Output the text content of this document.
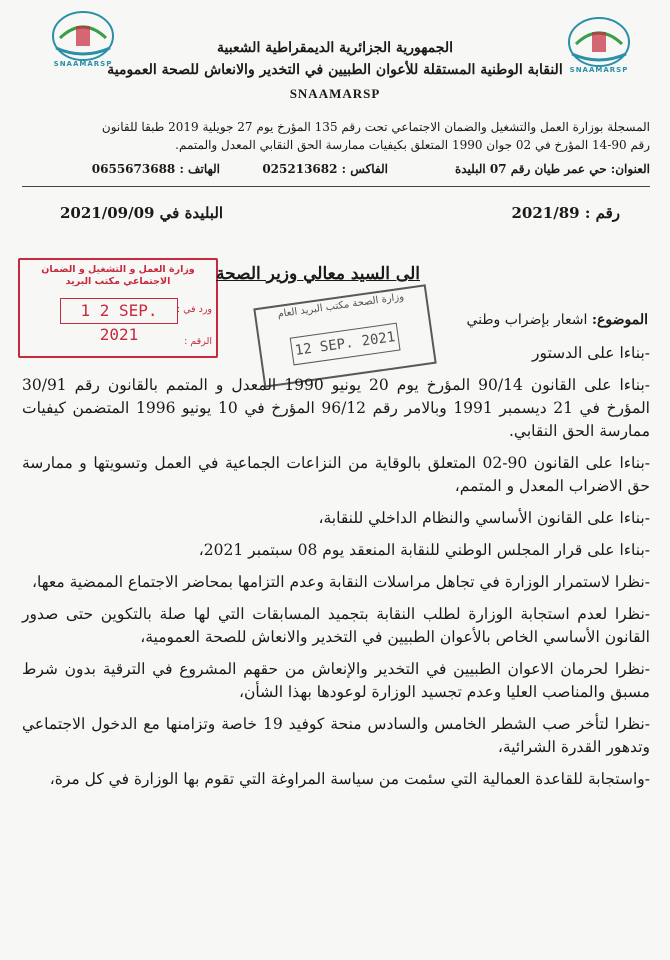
SNAAMARSP
SNAAMARSP
الجمهورية الجزائرية الديمقراطية الشعبية
النقابة الوطنية المستقلة للأعوان الطبيين في التخدير والانعاش للصحة العمومية
SNAAMARSP
المسجلة بوزارة العمل والتشغيل والضمان الاجتماعي تحت رقم 135 المؤرخ يوم 27 جويلية 2019 طبقا للقانون
رقم 90-14 المؤرخ في 02 جوان 1990 المتعلق بكيفيات ممارسة الحق النقابي المعدل والمتمم.
العنوان: حي عمر طيان رقم 07 البليدة
الفاكس : 025213682
الهاتف : 0655673688
رقم : 2021/89
البليدة في 2021/09/09
وزارة العمل و التشغيل و الضمان الاجتماعي مكتب البريد
ورد في :
1 2 SEP. 2021	الرقم :
الى السيد معالي وزير الصحة
وزارة الصحة مكتب البريد العام
12 SEP. 2021
الموضوع: اشعار بإضراب وطني

-بناءا على الدستور

-بناءا على القانون 90/14 المؤرخ يوم 20 يونيو 1990 المعدل و المتمم بالقانون رقم 30/91 المؤرخ في 21 ديسمبر 1991 وبالامر رقم 96/12 المؤرخ في 10 يونيو 1996 المتضمن كيفيات ممارسة الحق النقابي.

-بناءا على القانون 90-02 المتعلق بالوقاية من النزاعات الجماعية في العمل وتسويتها و ممارسة حق الاضراب المعدل و المتمم،

-بناءا على القانون الأساسي والنظام الداخلي للنقابة،

-بناءا على قرار المجلس الوطني للنقابة المنعقد يوم 08 سبتمبر 2021،

-نظرا لاستمرار الوزارة في تجاهل مراسلات النقابة وعدم التزامها بمحاضر الاجتماع الممضية معها،

-نظرا لعدم استجابة الوزارة لطلب النقابة بتجميد المسابقات التي لها صلة بالتكوين حتى صدور القانون الأساسي الخاص بالأعوان الطبيين في التخدير والانعاش للصحة العمومية،

-نظرا لحرمان الاعوان الطبيين في التخدير والإنعاش من حقهم المشروع في الترقية بدون شرط مسبق والمناصب العليا وعدم تجسيد الوزارة لوعودها بهذا الشأن،

-نظرا لتأخر صب الشطر الخامس والسادس منحة كوفيد 19 خاصة وتزامنها مع الدخول الاجتماعي وتدهور القدرة الشرائية،

-واستجابة للقاعدة العمالية التي سئمت من سياسة المراوغة التي تقوم بها الوزارة في كل مرة،
